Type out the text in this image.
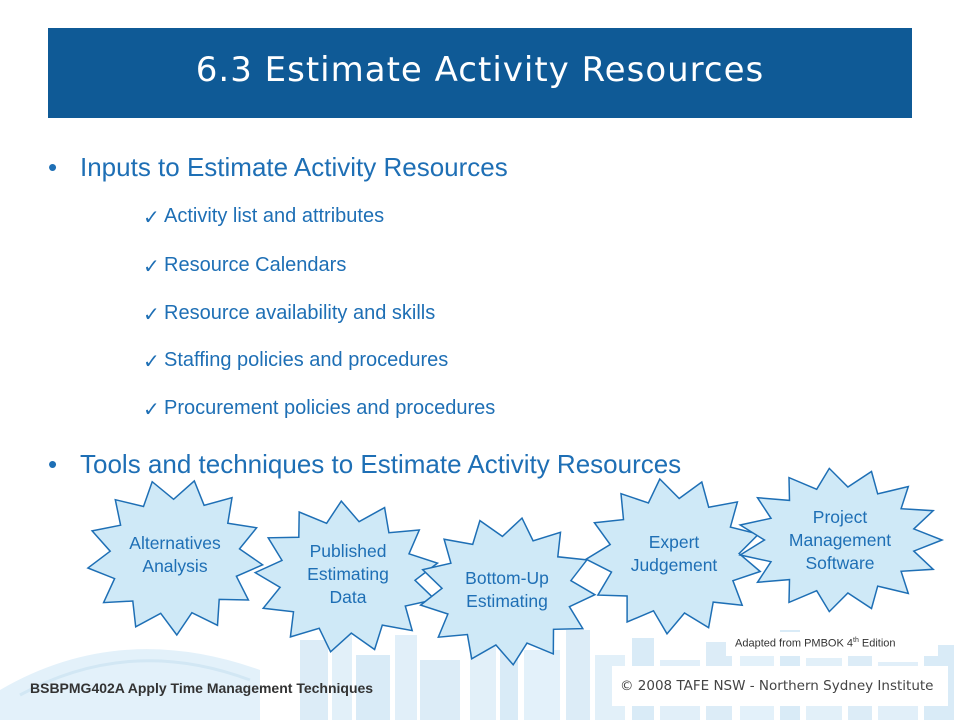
6.3 Estimate Activity Resources
• Inputs to Estimate Activity Resources
✓ Activity list and attributes
✓ Resource Calendars
✓ Resource availability and skills
✓ Staffing policies and procedures
✓ Procurement policies and procedures
• Tools and techniques to Estimate Activity Resources
Alternatives
Analysis
Published
Estimating
Data
Bottom-Up
Estimating
Expert
Judgement
Project
Management
Software
Adapted from PMBOK 4th Edition
BSBPMG402A Apply Time Management Techniques	© 2008 TAFE NSW - Northern Sydney Institute
